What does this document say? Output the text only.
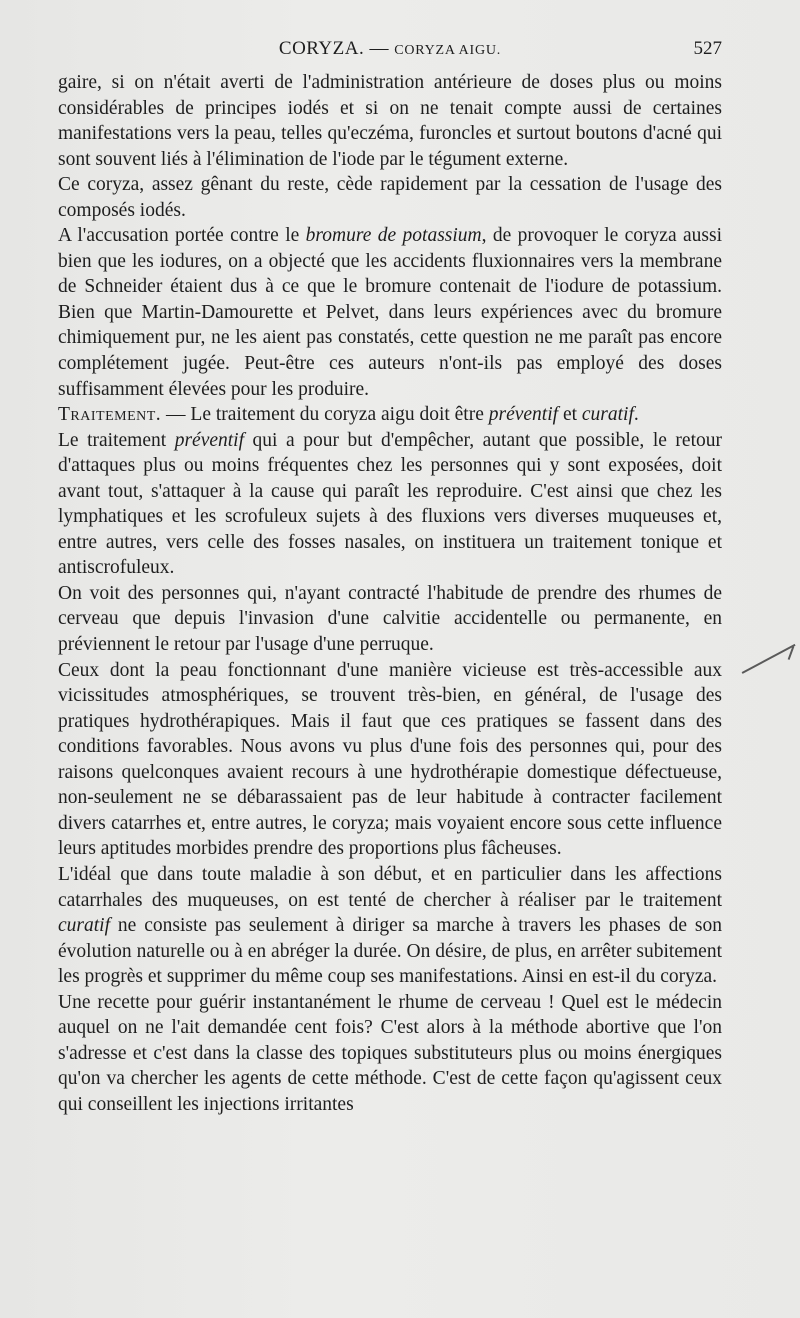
CORYZA. — CORYZA AIGU.	527

gaire, si on n'était averti de l'administration antérieure de doses plus ou moins considérables de principes iodés et si on ne tenait compte aussi de certaines manifestations vers la peau, telles qu'eczéma, furoncles et surtout boutons d'acné qui sont souvent liés à l'élimination de l'iode par le tégument externe.

Ce coryza, assez gênant du reste, cède rapidement par la cessation de l'usage des composés iodés.

A l'accusation portée contre le bromure de potassium, de provoquer le coryza aussi bien que les iodures, on a objecté que les accidents fluxionnaires vers la membrane de Schneider étaient dus à ce que le bromure contenait de l'iodure de potassium. Bien que Martin-Damourette et Pelvet, dans leurs expériences avec du bromure chimiquement pur, ne les aient pas constatés, cette question ne me paraît pas encore complétement jugée. Peut-être ces auteurs n'ont-ils pas employé des doses suffisamment élevées pour les produire.

Traitement. — Le traitement du coryza aigu doit être préventif et curatif.

Le traitement préventif qui a pour but d'empêcher, autant que possible, le retour d'attaques plus ou moins fréquentes chez les personnes qui y sont exposées, doit avant tout, s'attaquer à la cause qui paraît les reproduire. C'est ainsi que chez les lymphatiques et les scrofuleux sujets à des fluxions vers diverses muqueuses et, entre autres, vers celle des fosses nasales, on instituera un traitement tonique et antiscrofuleux.

On voit des personnes qui, n'ayant contracté l'habitude de prendre des rhumes de cerveau que depuis l'invasion d'une calvitie accidentelle ou permanente, en préviennent le retour par l'usage d'une perruque.

Ceux dont la peau fonctionnant d'une manière vicieuse est très-accessible aux vicissitudes atmosphériques, se trouvent très-bien, en général, de l'usage des pratiques hydrothérapiques. Mais il faut que ces pratiques se fassent dans des conditions favorables. Nous avons vu plus d'une fois des personnes qui, pour des raisons quelconques avaient recours à une hydrothérapie domestique défectueuse, non-seulement ne se débarassaient pas de leur habitude à contracter facilement divers catarrhes et, entre autres, le coryza; mais voyaient encore sous cette influence leurs aptitudes morbides prendre des proportions plus fâcheuses.

L'idéal que dans toute maladie à son début, et en particulier dans les affections catarrhales des muqueuses, on est tenté de chercher à réaliser par le traitement curatif ne consiste pas seulement à diriger sa marche à travers les phases de son évolution naturelle ou à en abréger la durée. On désire, de plus, en arrêter subitement les progrès et supprimer du même coup ses manifestations. Ainsi en est-il du coryza.

Une recette pour guérir instantanément le rhume de cerveau ! Quel est le médecin auquel on ne l'ait demandée cent fois? C'est alors à la méthode abortive que l'on s'adresse et c'est dans la classe des topiques substituteurs plus ou moins énergiques qu'on va chercher les agents de cette méthode. C'est de cette façon qu'agissent ceux qui conseillent les injections irritantes
